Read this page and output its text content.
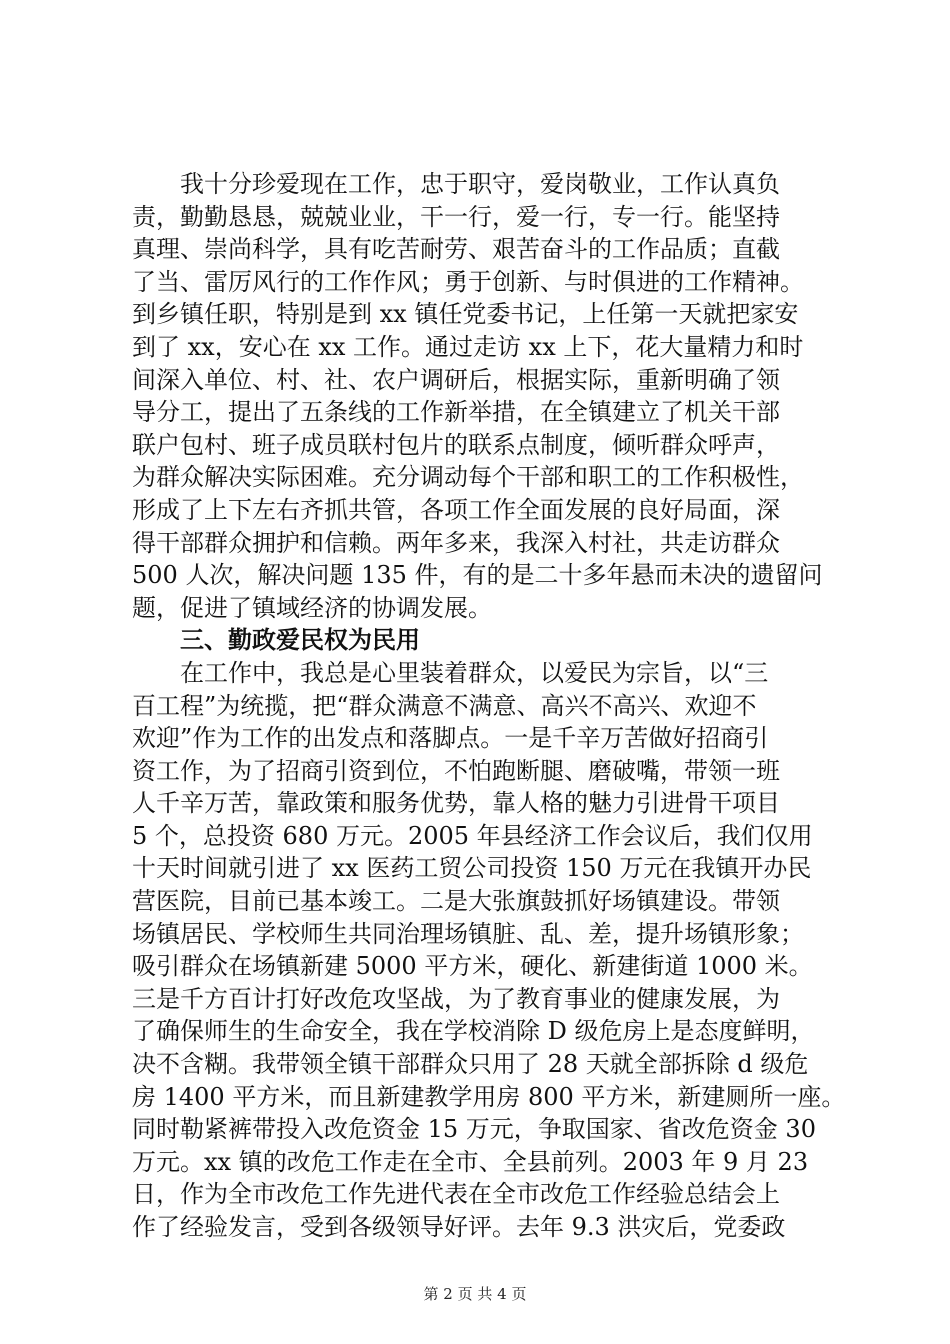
我十分珍爱现在工作，忠于职守，爱岗敬业，工作认真负
责，勤勤恳恳，兢兢业业，干一行，爱一行，专一行。能坚持
真理、崇尚科学，具有吃苦耐劳、艰苦奋斗的工作品质；直截
了当、雷厉风行的工作作风；勇于创新、与时俱进的工作精神。
到乡镇任职，特别是到 xx 镇任党委书记，上任第一天就把家安
到了 xx，安心在 xx 工作。通过走访 xx 上下，花大量精力和时
间深入单位、村、社、农户调研后，根据实际，重新明确了领
导分工，提出了五条线的工作新举措，在全镇建立了机关干部
联户包村、班子成员联村包片的联系点制度，倾听群众呼声，
为群众解决实际困难。充分调动每个干部和职工的工作积极性，
形成了上下左右齐抓共管，各项工作全面发展的良好局面，深
得干部群众拥护和信赖。两年多来，我深入村社，共走访群众
500 人次，解决问题 135 件，有的是二十多年悬而未决的遗留问
题，促进了镇域经济的协调发展。
三、勤政爱民权为民用
在工作中，我总是心里装着群众，以爱民为宗旨，以“三
百工程”为统揽，把“群众满意不满意、高兴不高兴、欢迎不
欢迎”作为工作的出发点和落脚点。一是千辛万苦做好招商引
资工作，为了招商引资到位，不怕跑断腿、磨破嘴，带领一班
人千辛万苦，靠政策和服务优势，靠人格的魅力引进骨干项目
5 个，总投资 680 万元。2005 年县经济工作会议后，我们仅用
十天时间就引进了 xx 医药工贸公司投资 150 万元在我镇开办民
营医院，目前已基本竣工。二是大张旗鼓抓好场镇建设。带领
场镇居民、学校师生共同治理场镇脏、乱、差，提升场镇形象；
吸引群众在场镇新建 5000 平方米，硬化、新建街道 1000 米。
三是千方百计打好改危攻坚战，为了教育事业的健康发展，为
了确保师生的生命安全，我在学校消除 D 级危房上是态度鲜明，
决不含糊。我带领全镇干部群众只用了 28 天就全部拆除 d 级危
房 1400 平方米，而且新建教学用房 800 平方米，新建厕所一座。
同时勒紧裤带投入改危资金 15 万元，争取国家、省改危资金 30
万元。xx 镇的改危工作走在全市、全县前列。2003 年 9 月 23
日，作为全市改危工作先进代表在全市改危工作经验总结会上
作了经验发言，受到各级领导好评。去年 9.3 洪灾后，党委政
第 2 页 共 4 页
